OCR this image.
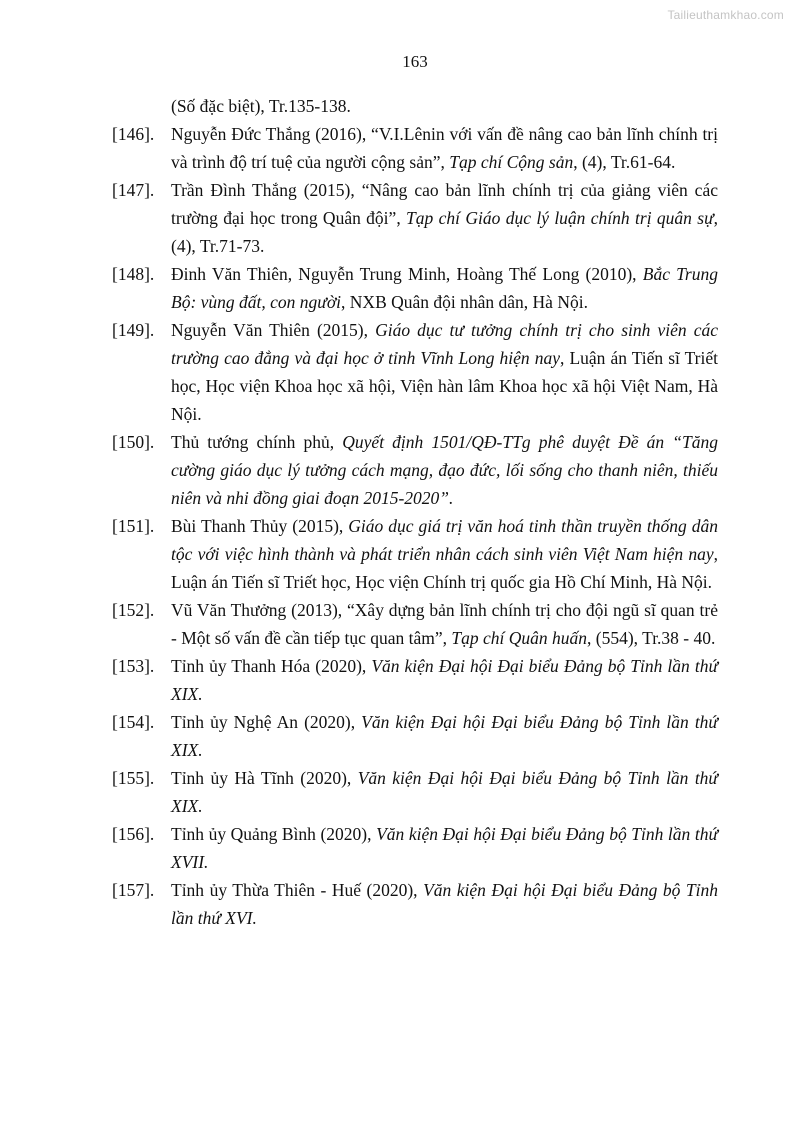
Tailieuthamkhao.com
163
(Số đặc biệt), Tr.135-138.
[146]. Nguyễn Đức Thắng (2016), “V.I.Lênin với vấn đề nâng cao bản lĩnh chính trị và trình độ trí tuệ của người cộng sản”, Tạp chí Cộng sản, (4), Tr.61-64.
[147]. Trần Đình Thắng (2015), “Nâng cao bản lĩnh chính trị của giảng viên các trường đại học trong Quân đội”, Tạp chí Giáo dục lý luận chính trị quân sự, (4), Tr.71-73.
[148]. Đinh Văn Thiên, Nguyễn Trung Minh, Hoàng Thế Long (2010), Bắc Trung Bộ: vùng đất, con người, NXB Quân đội nhân dân, Hà Nội.
[149]. Nguyễn Văn Thiên (2015), Giáo dục tư tưởng chính trị cho sinh viên các trường cao đẳng và đại học ở tỉnh Vĩnh Long hiện nay, Luận án Tiến sĩ Triết học, Học viện Khoa học xã hội, Viện hàn lâm Khoa học xã hội Việt Nam, Hà Nội.
[150]. Thủ tướng chính phủ, Quyết định 1501/QĐ-TTg phê duyệt Đề án “Tăng cường giáo dục lý tưởng cách mạng, đạo đức, lối sống cho thanh niên, thiếu niên và nhi đồng giai đoạn 2015-2020”.
[151]. Bùi Thanh Thủy (2015), Giáo dục giá trị văn hoá tinh thần truyền thống dân tộc với việc hình thành và phát triển nhân cách sinh viên Việt Nam hiện nay, Luận án Tiến sĩ Triết học, Học viện Chính trị quốc gia Hồ Chí Minh, Hà Nội.
[152]. Vũ Văn Thưởng (2013), “Xây dựng bản lĩnh chính trị cho đội ngũ sĩ quan trẻ - Một số vấn đề cần tiếp tục quan tâm”, Tạp chí Quân huấn, (554), Tr.38 - 40.
[153]. Tỉnh ủy Thanh Hóa (2020), Văn kiện Đại hội Đại biểu Đảng bộ Tỉnh lần thứ XIX.
[154]. Tỉnh ủy Nghệ An (2020), Văn kiện Đại hội Đại biểu Đảng bộ Tỉnh lần thứ XIX.
[155]. Tỉnh ủy Hà Tĩnh (2020), Văn kiện Đại hội Đại biểu Đảng bộ Tỉnh lần thứ XIX.
[156]. Tỉnh ủy Quảng Bình (2020), Văn kiện Đại hội Đại biểu Đảng bộ Tỉnh lần thứ XVII.
[157]. Tỉnh ủy Thừa Thiên - Huế (2020), Văn kiện Đại hội Đại biểu Đảng bộ Tỉnh lần thứ XVI.
